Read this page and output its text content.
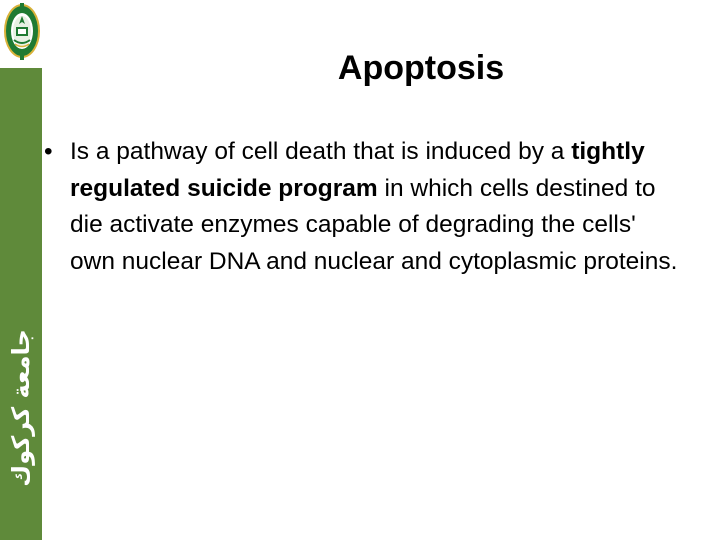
جامعة كركوك
Apoptosis
• Is a pathway of cell death that is induced by a tightly regulated suicide program in which cells destined to die activate enzymes capable of degrading the cells' own nuclear DNA and nuclear and cytoplasmic proteins.
